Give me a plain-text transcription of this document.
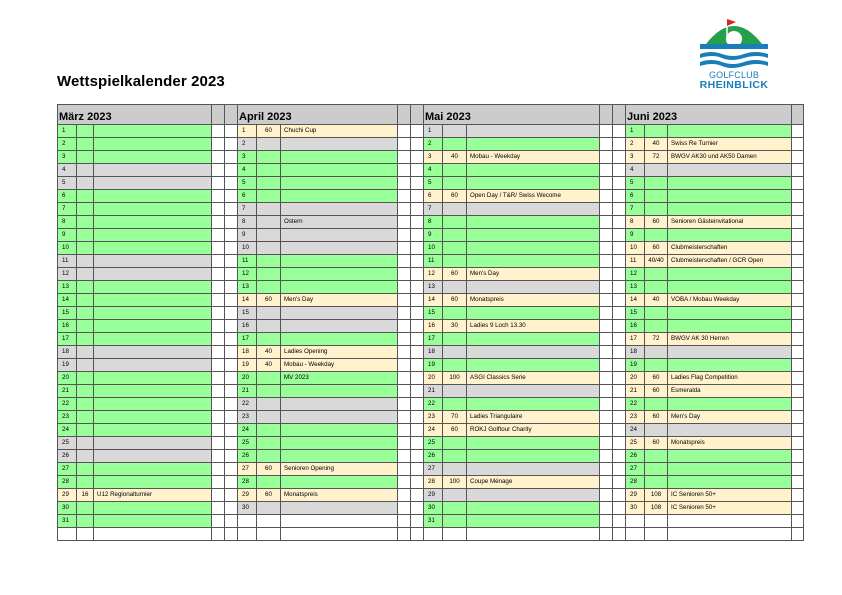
Wettspielkalender 2023	GOLFCLUB
RHEINBLICK
März 2023					April 2023					Mai 2023					Juni 2023			
1					1	60	Chuchi Cup			1					1			
2					2					2					2	40	Swiss Re Turnier	
3					3					3	40	Mobau - Weekday			3	72	BWGV AK30 und AK50 Damen	
4					4					4					4			
5					5					5					5			
6					6					6	60	Open Day / T&R/ Swiss Wecome			6			
7					7					7					7			
8					8		Ostern			8					8	60	Senioren Gästeinvitational	
9					9					9					9			
10					10					10					10	60	Clubmeisterschaften	
11					11					11					11	40/40	Clubmeisterschaften / GCR Open	
12					12					12	60	Men's Day			12			
13					13					13					13			
14					14	60	Men's Day			14	60	Monatspreis			14	40	VOBA / Mobau Weekday	
15					15					15					15			
16					16					16	30	Ladies 9 Loch 13.30			16			
17					17					17					17	72	BWGV AK 30 Herren	
18					18	40	Ladies Opening			18					18			
19					19	40	Mobau - Weekday			19					19			
20					20		MV 2023			20	100	ASGI Classics Serie			20	60	Ladies Flag Competition	
21					21					21					21	60	Esmeralda	
22					22					22					22			
23					23					23	70	Ladies Triangulaire			23	60	Men's Day	
24					24					24	60	ROKJ Golftour Charity			24			
25					25					25					25	60	Monatspreis	
26					26					26					26			
27					27	60	Senioren Opening			27					27			
28					28					28	100	Coupe Ménage			28			
29	16	U12 Regionalturnier			29	60	Monatspreis			29					29	108	IC Senioren 50+	
30					30					30					30	108	IC Senioren 50+	
31										31								
